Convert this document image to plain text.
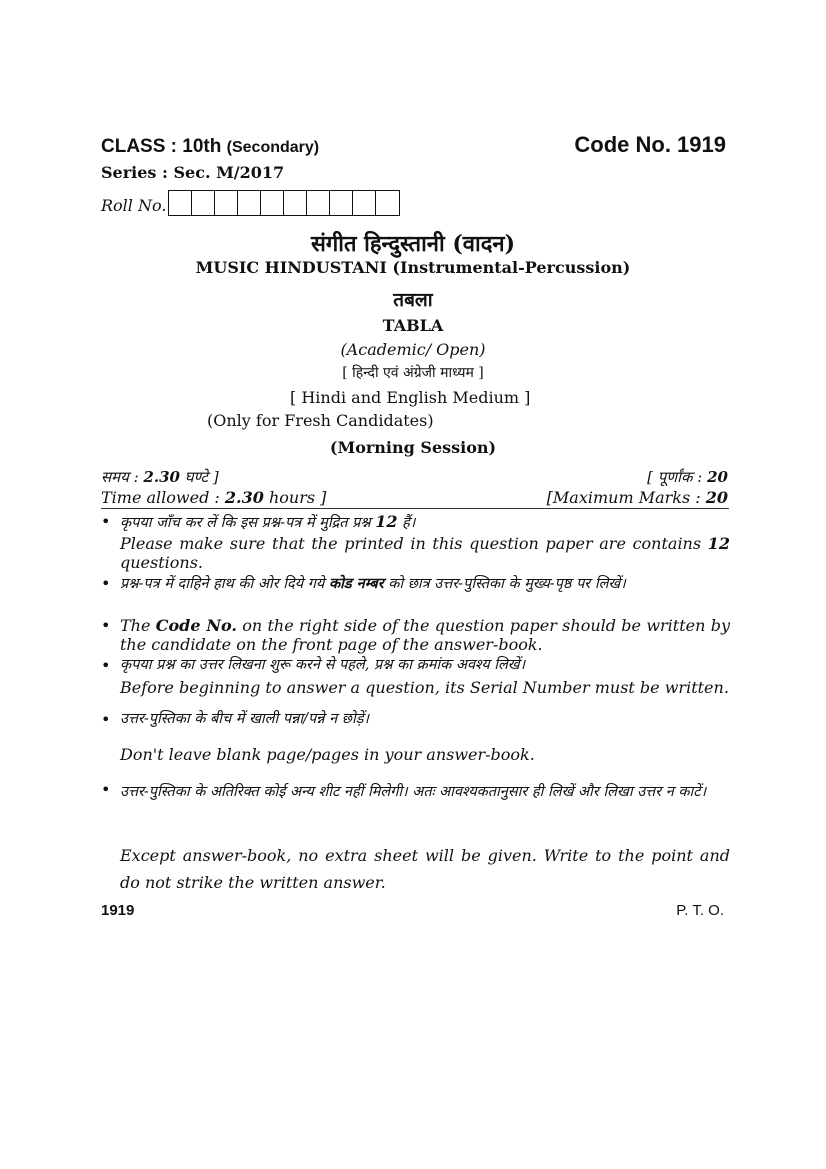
CLASS : 10th (Secondary)	Code No. 1919
Series : Sec. M/2017
Roll No.
संगीत हिन्दुस्तानी (वादन)
MUSIC HINDUSTANI (Instrumental-Percussion)
तबला
TABLA
(Academic/ Open)
[ हिन्दी एवं अंग्रेजी माध्यम ]
[ Hindi and English Medium ]
(Only for Fresh Candidates)
(Morning Session)
समय : 2.30 घण्टे ]	[ पूर्णांक : 20
Time allowed : 2.30 hours ]	[Maximum Marks : 20
• कृपया जाँच कर लें कि इस प्रश्न-पत्र में मुद्रित प्रश्न 12 हैं।
Please make sure that the printed in this question paper are contains 12 questions.
• प्रश्न-पत्र में दाहिने हाथ की ओर दिये गये कोड नम्बर को छात्र उत्तर-पुस्तिका के मुख्य-पृष्ठ पर लिखें।
• The Code No. on the right side of the question paper should be written by the candidate on the front page of the answer-book.
• कृपया प्रश्न का उत्तर लिखना शुरू करने से पहले, प्रश्न का क्रमांक अवश्य लिखें।
Before beginning to answer a question, its Serial Number must be written.
• उत्तर-पुस्तिका के बीच में खाली पन्ना/पन्ने न छोड़ें।
Don't leave blank page/pages in your answer-book.
• उत्तर-पुस्तिका के अतिरिक्त कोई अन्य शीट नहीं मिलेगी। अतः आवश्यकतानुसार ही लिखें और लिखा उत्तर न काटें।
Except answer-book, no extra sheet will be given. Write to the point and do not strike the written answer.
1919	P. T. O.
